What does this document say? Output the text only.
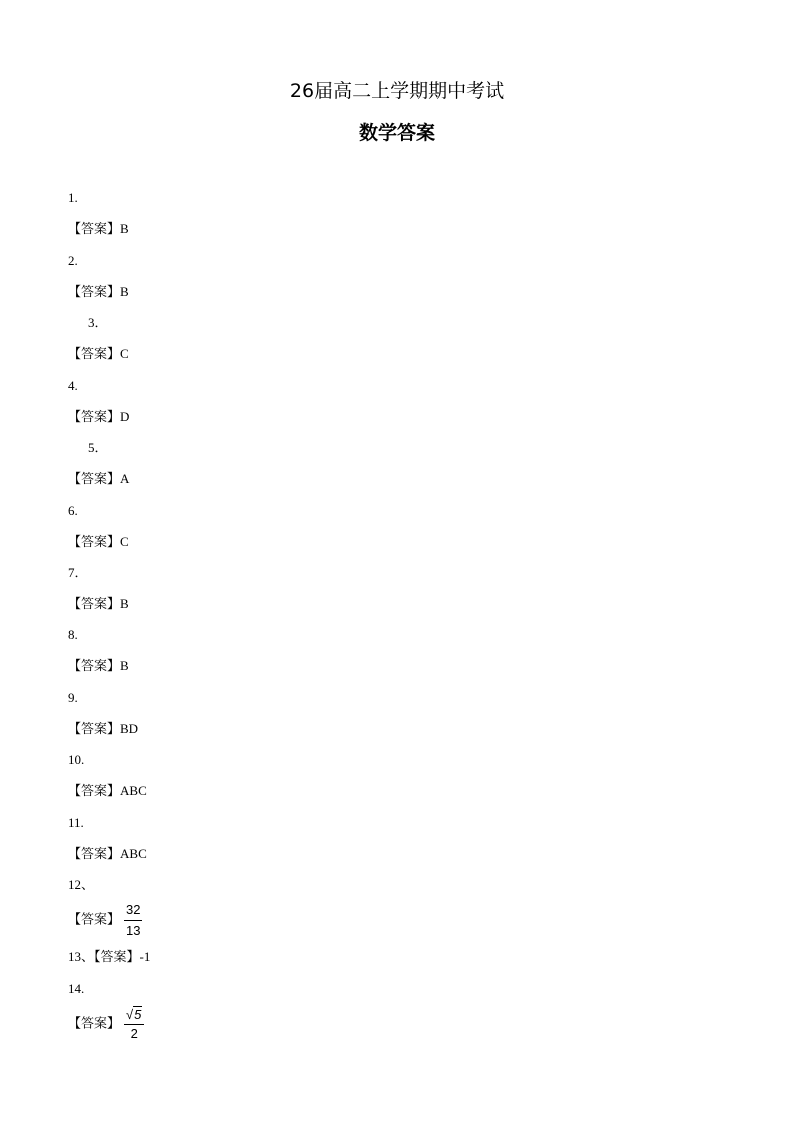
26届高二上学期期中考试
数学答案
1.
【答案】B
2.
【答案】B
3．
【答案】C
4.
【答案】D
5．
【答案】A
6.
【答案】C
7．
【答案】B
8.
【答案】B
9.
【答案】BD
10.
【答案】ABC
11.
【答案】ABC
12、
【答案】 $\frac{32}{13}$
13、【答案】-1
14.
【答案】 $\frac{√5}{2}$
